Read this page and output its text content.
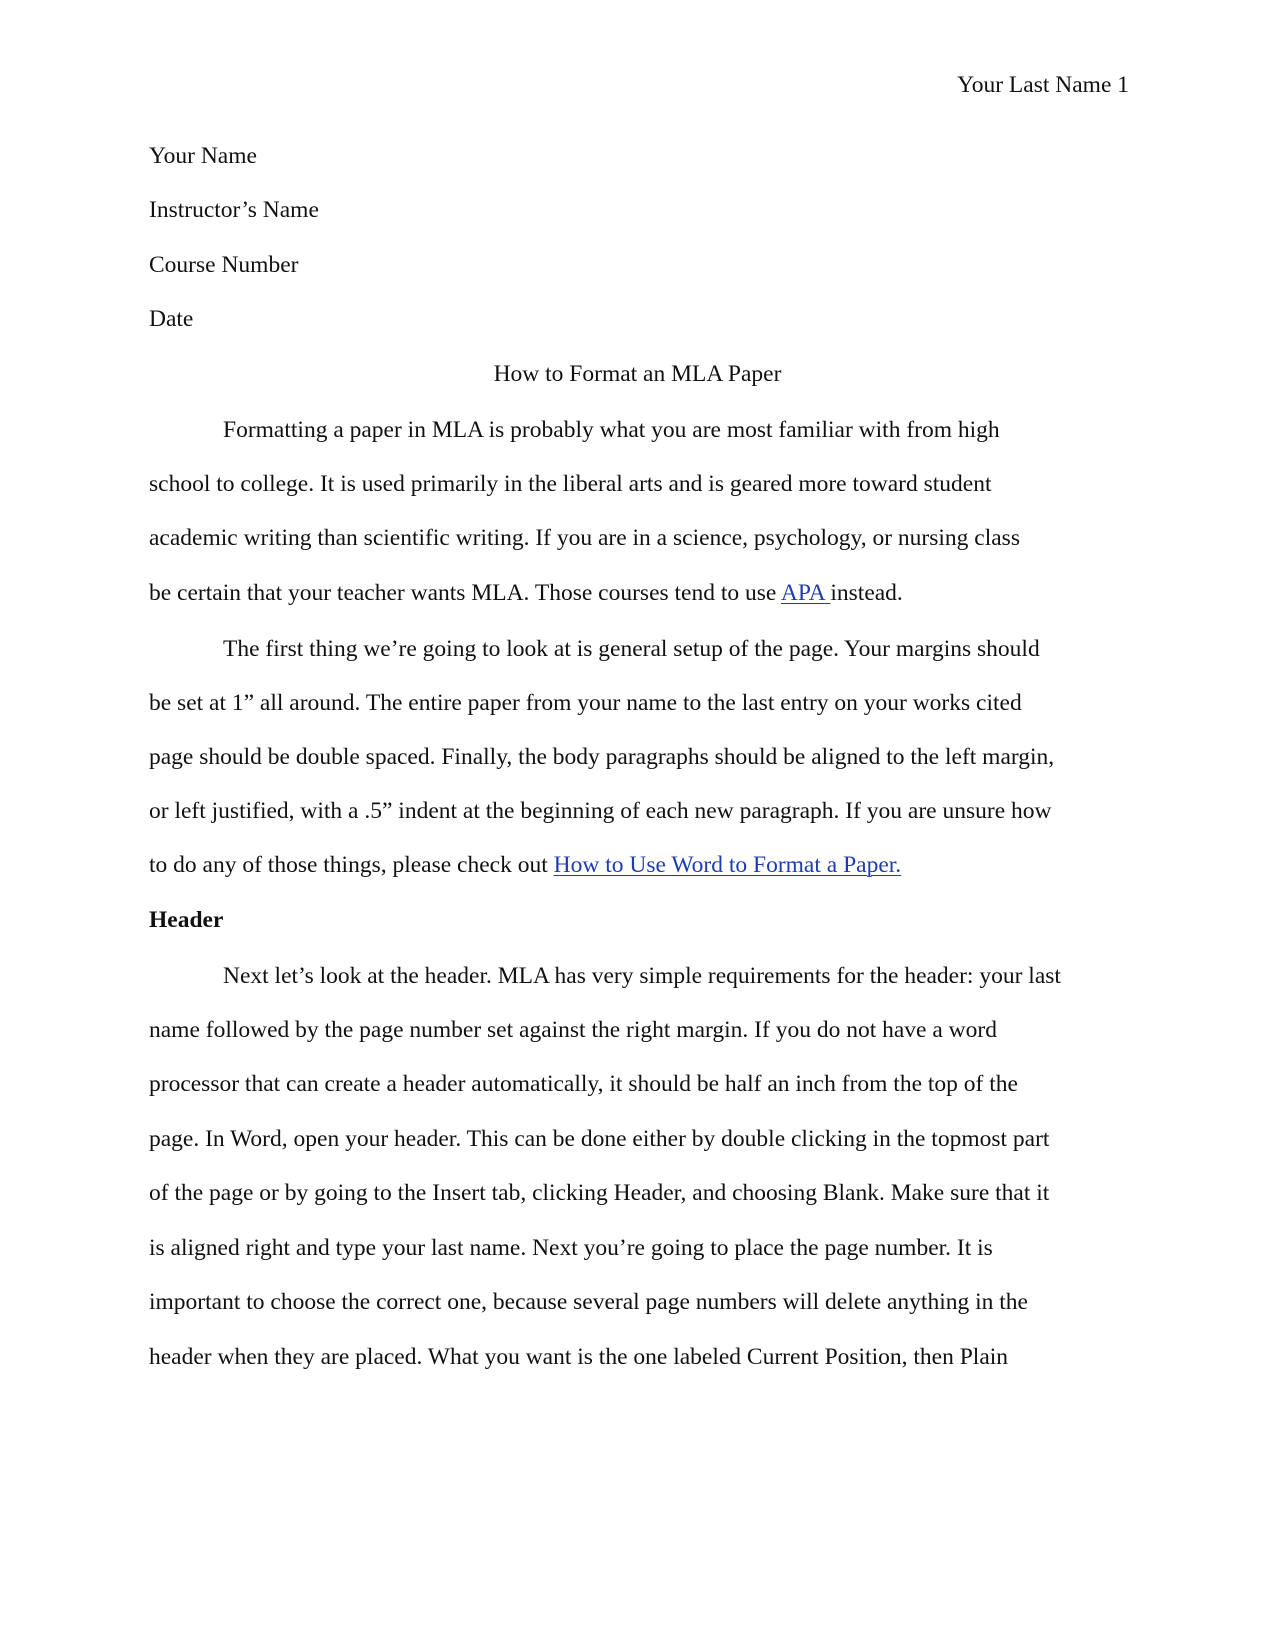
Your Last Name 1
Your Name
Instructor’s Name
Course Number
Date
How to Format an MLA Paper
Formatting a paper in MLA is probably what you are most familiar with from high
school to college. It is used primarily in the liberal arts and is geared more toward student
academic writing than scientific writing. If you are in a science, psychology, or nursing class
be certain that your teacher wants MLA. Those courses tend to use APA instead.
The first thing we’re going to look at is general setup of the page. Your margins should
be set at 1” all around. The entire paper from your name to the last entry on your works cited
page should be double spaced. Finally, the body paragraphs should be aligned to the left margin,
or left justified, with a .5” indent at the beginning of each new paragraph. If you are unsure how
to do any of those things, please check out How to Use Word to Format a Paper.
Header
Next let’s look at the header. MLA has very simple requirements for the header: your last
name followed by the page number set against the right margin. If you do not have a word
processor that can create a header automatically, it should be half an inch from the top of the
page. In Word, open your header. This can be done either by double clicking in the topmost part
of the page or by going to the Insert tab, clicking Header, and choosing Blank. Make sure that it
is aligned right and type your last name. Next you’re going to place the page number. It is
important to choose the correct one, because several page numbers will delete anything in the
header when they are placed. What you want is the one labeled Current Position, then Plain
